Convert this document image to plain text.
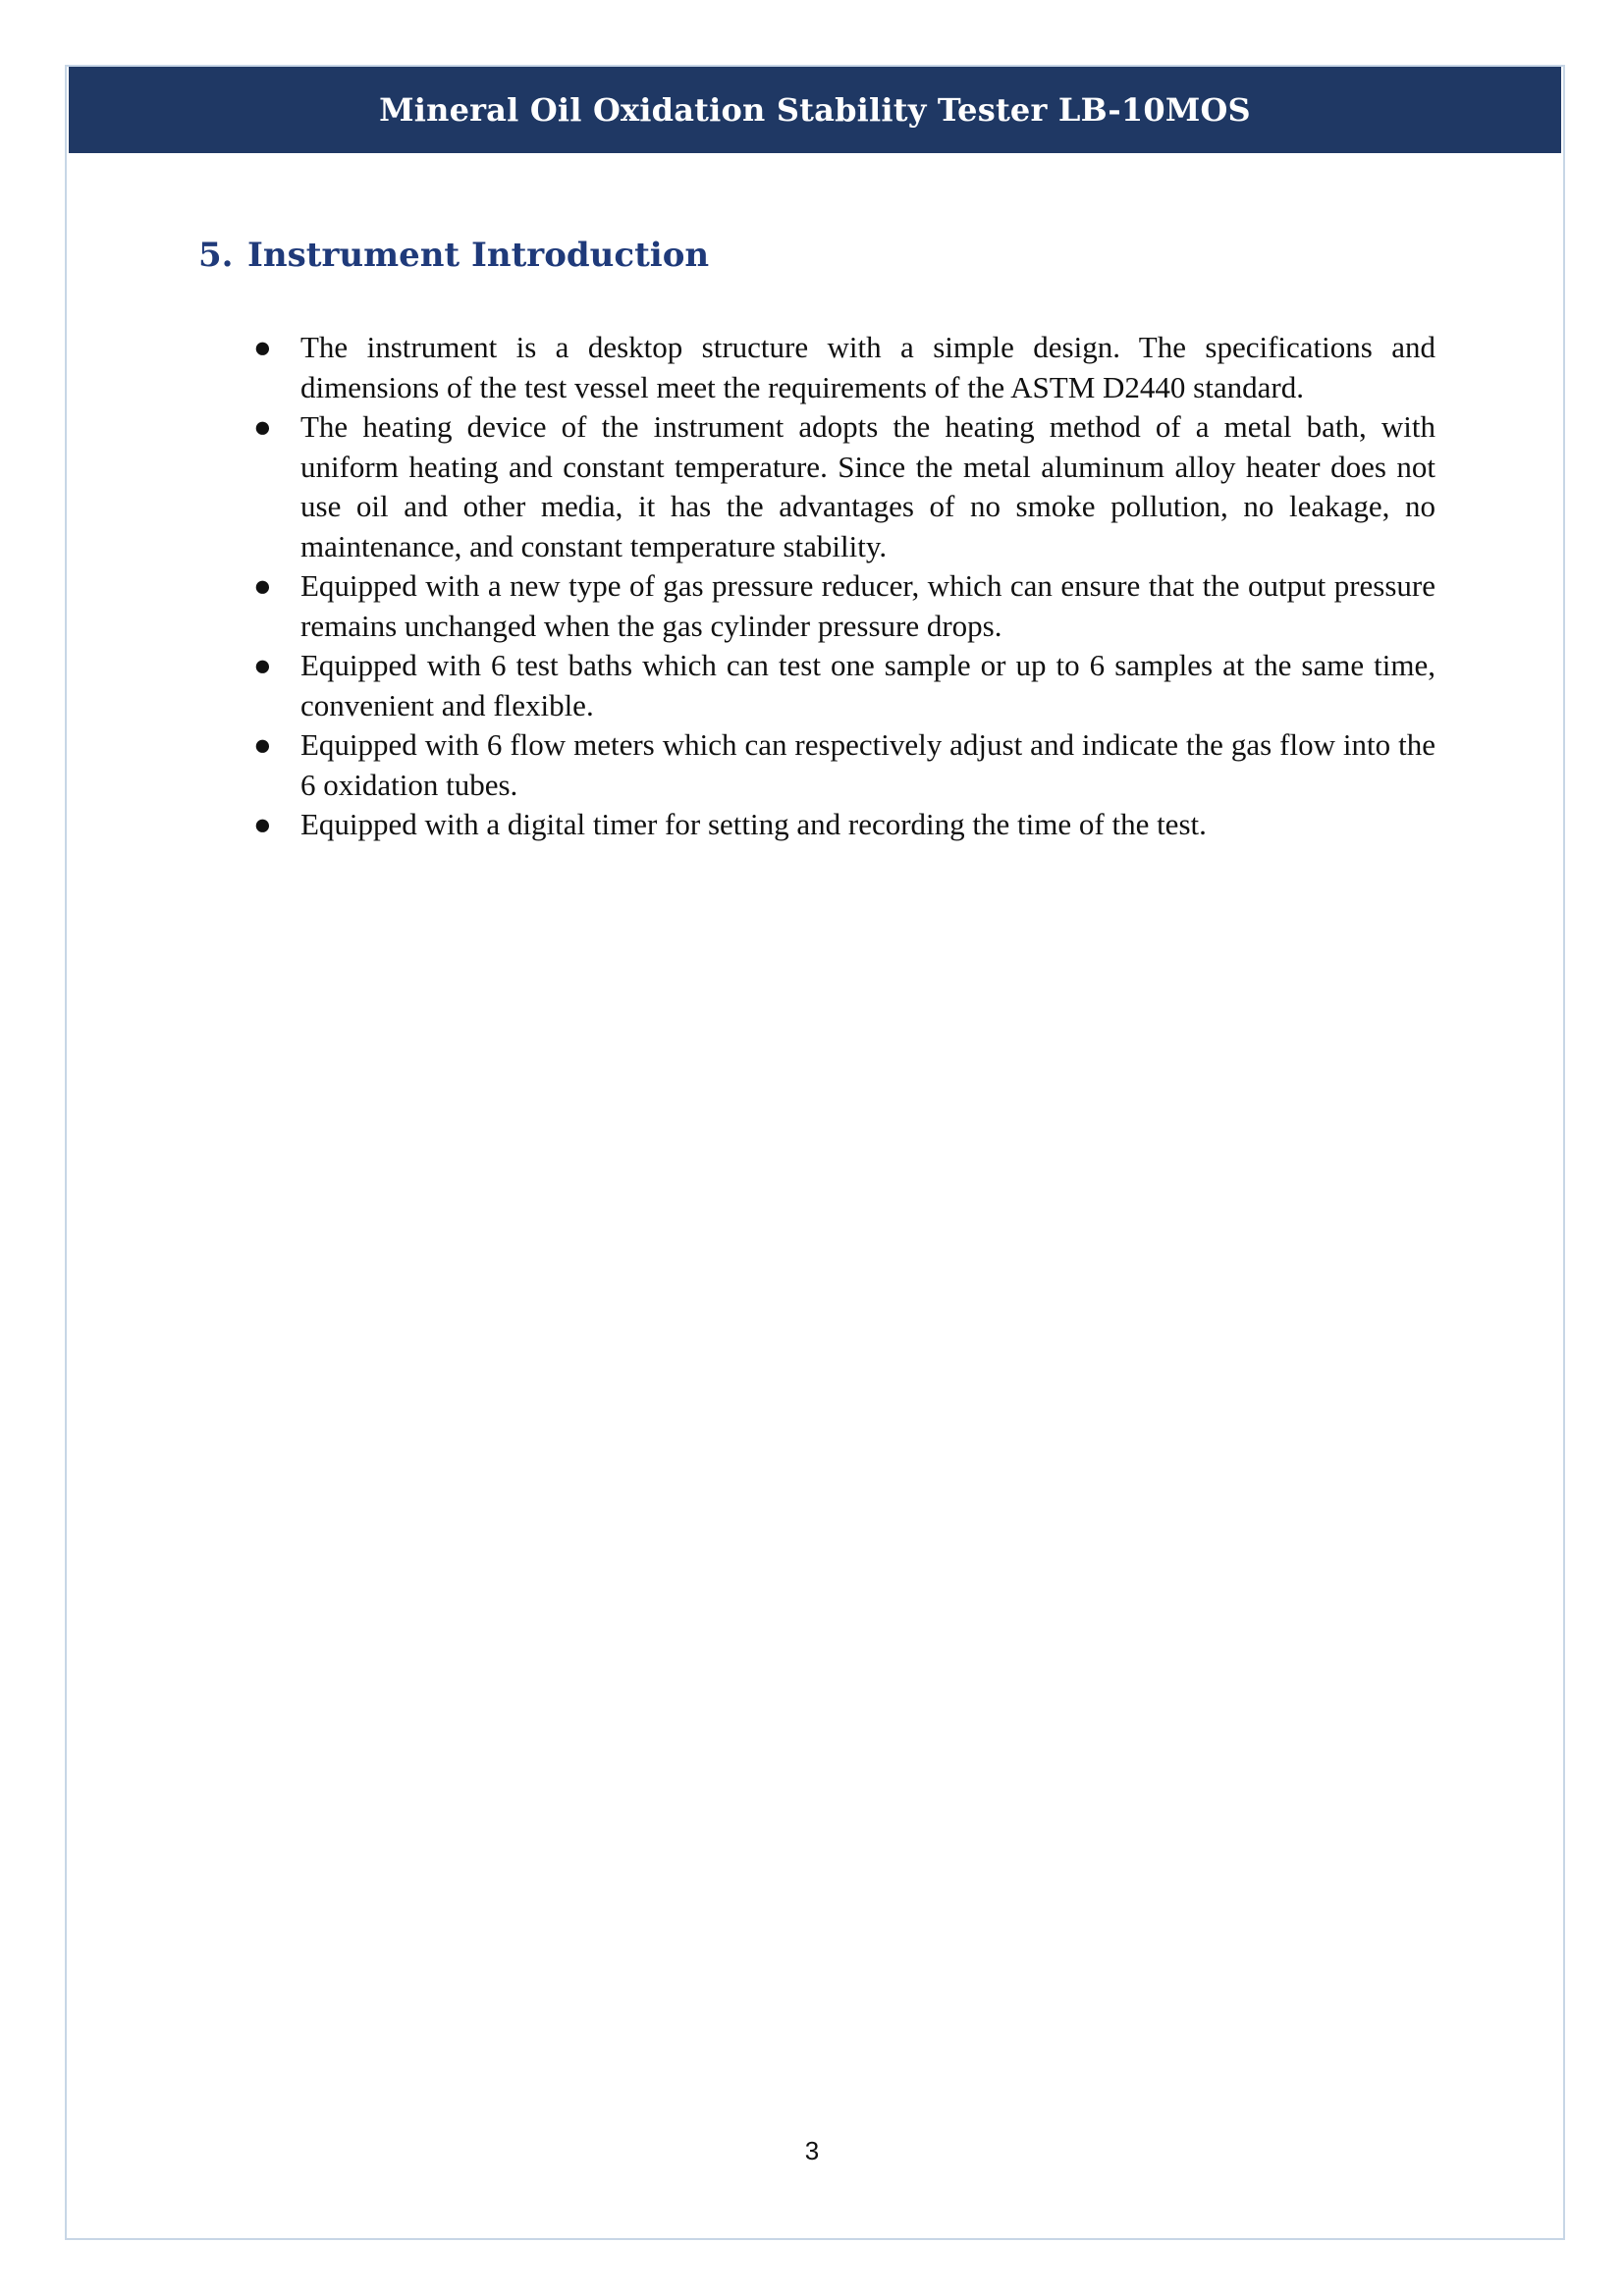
Mineral Oil Oxidation Stability Tester LB-10MOS
5. Instrument Introduction
● The instrument is a desktop structure with a simple design. The specifications and dimensions of the test vessel meet the requirements of the ASTM D2440 standard.
● The heating device of the instrument adopts the heating method of a metal bath, with uniform heating and constant temperature. Since the metal aluminum alloy heater does not use oil and other media, it has the advantages of no smoke pollution, no leakage, no maintenance, and constant temperature stability.
● Equipped with a new type of gas pressure reducer, which can ensure that the output pressure remains unchanged when the gas cylinder pressure drops.
● Equipped with 6 test baths which can test one sample or up to 6 samples at the same time, convenient and flexible.
● Equipped with 6 flow meters which can respectively adjust and indicate the gas flow into the 6 oxidation tubes.
● Equipped with a digital timer for setting and recording the time of the test.
3
